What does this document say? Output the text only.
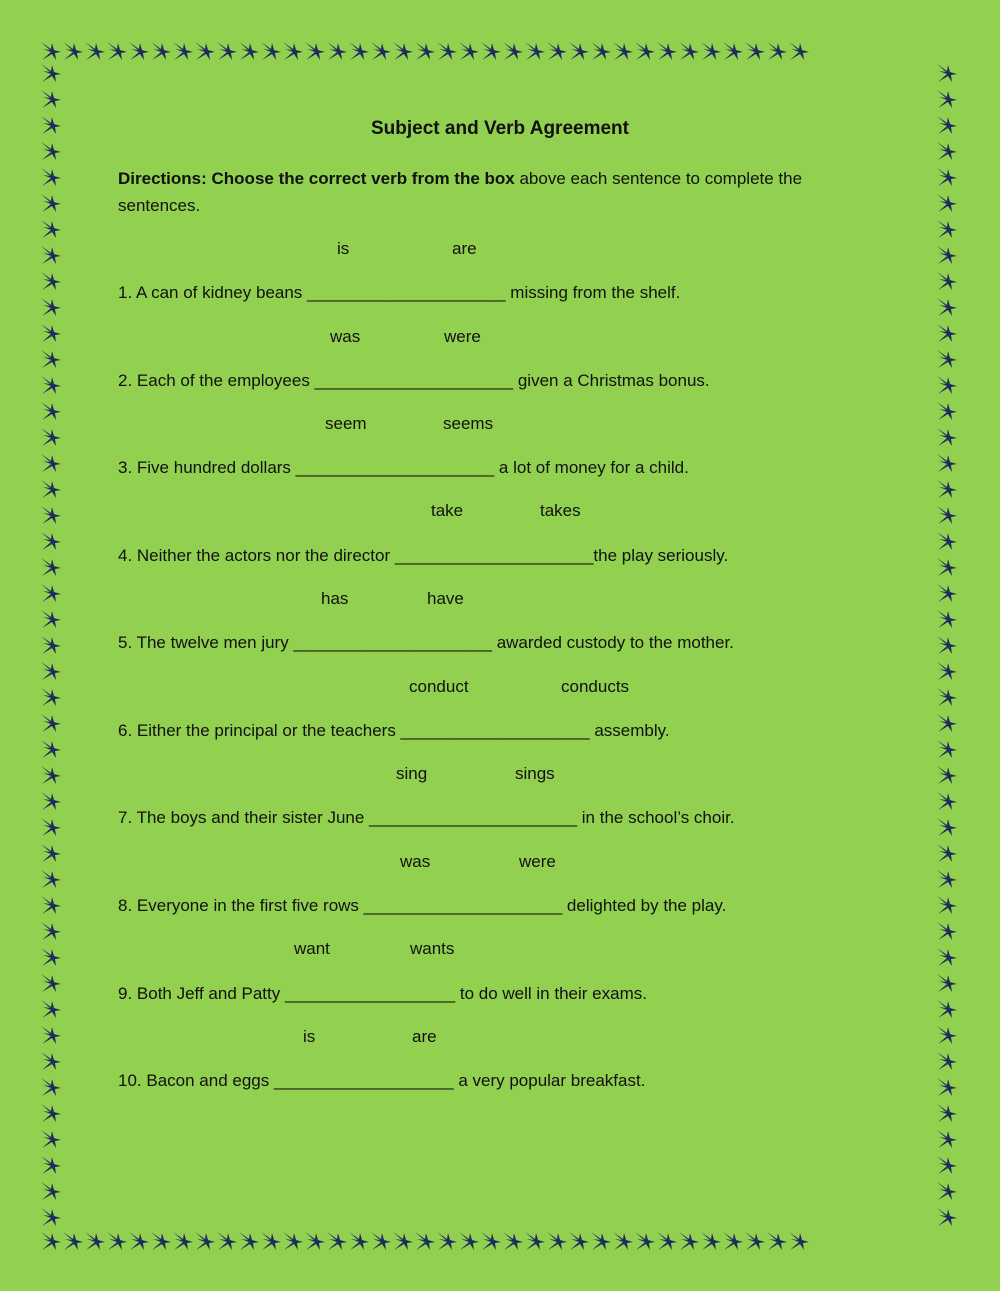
Subject and Verb Agreement

Directions: Choose the correct verb from the box above each sentence to complete the sentences.

is	are
1. A can of kidney beans _____________________ missing from the shelf.
was	were
2. Each of the employees _____________________ given a Christmas bonus.
seem	seems
3. Five hundred dollars _____________________ a lot of money for a child.
take	takes
4. Neither the actors nor the director _____________________the play seriously.
has	have
5. The twelve men jury _____________________ awarded custody to the mother.
conduct	conducts
6. Either the principal or the teachers ____________________ assembly.
sing	sings
7. The boys and their sister June ______________________ in the school’s choir.
was	were
8. Everyone in the first five rows _____________________ delighted by the play.
want	wants
9. Both Jeff and Patty __________________ to do well in their exams.
is	are
10. Bacon and eggs ___________________ a very popular breakfast.
